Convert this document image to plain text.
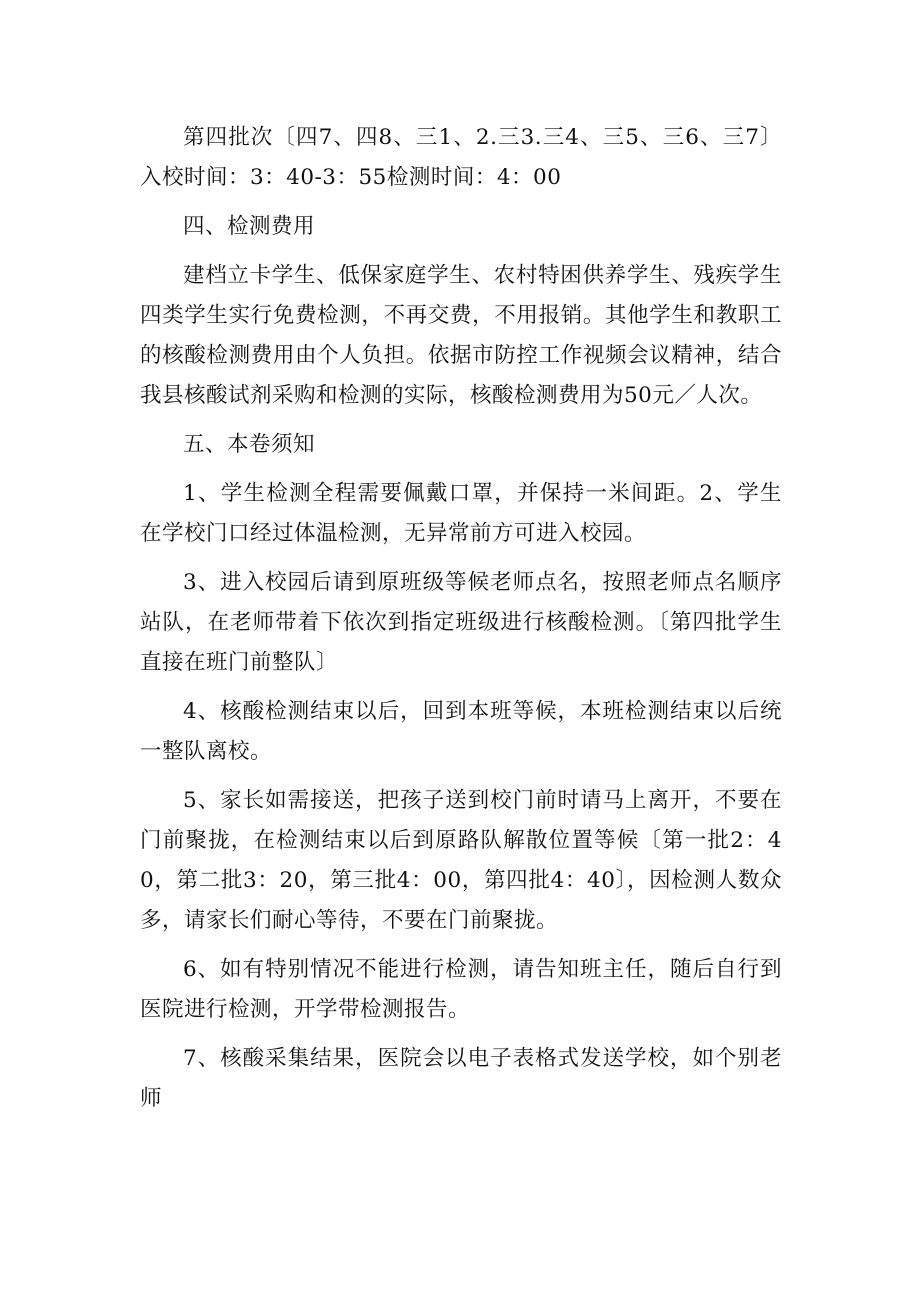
第四批次〔四7、四8、三1、2.三3.三4、三5、三6、三7〕入校时间：3：40-3：55检测时间：4：00

四、检测费用

建档立卡学生、低保家庭学生、农村特困供养学生、残疾学生四类学生实行免费检测，不再交费，不用报销。其他学生和教职工的核酸检测费用由个人负担。依据市防控工作视频会议精神，结合我县核酸试剂采购和检测的实际，核酸检测费用为50元／人次。

五、本卷须知

1、学生检测全程需要佩戴口罩，并保持一米间距。2、学生在学校门口经过体温检测，无异常前方可进入校园。

3、进入校园后请到原班级等候老师点名，按照老师点名顺序站队，在老师带着下依次到指定班级进行核酸检测。〔第四批学生直接在班门前整队〕

4、核酸检测结束以后，回到本班等候，本班检测结束以后统一整队离校。

5、家长如需接送，把孩子送到校门前时请马上离开，不要在门前聚拢，在检测结束以后到原路队解散位置等候〔第一批2：40，第二批3：20，第三批4：00，第四批4：40〕，因检测人数众多，请家长们耐心等待，不要在门前聚拢。

6、如有特别情况不能进行检测，请告知班主任，随后自行到医院进行检测，开学带检测报告。

7、核酸采集结果，医院会以电子表格式发送学校，如个别老师
